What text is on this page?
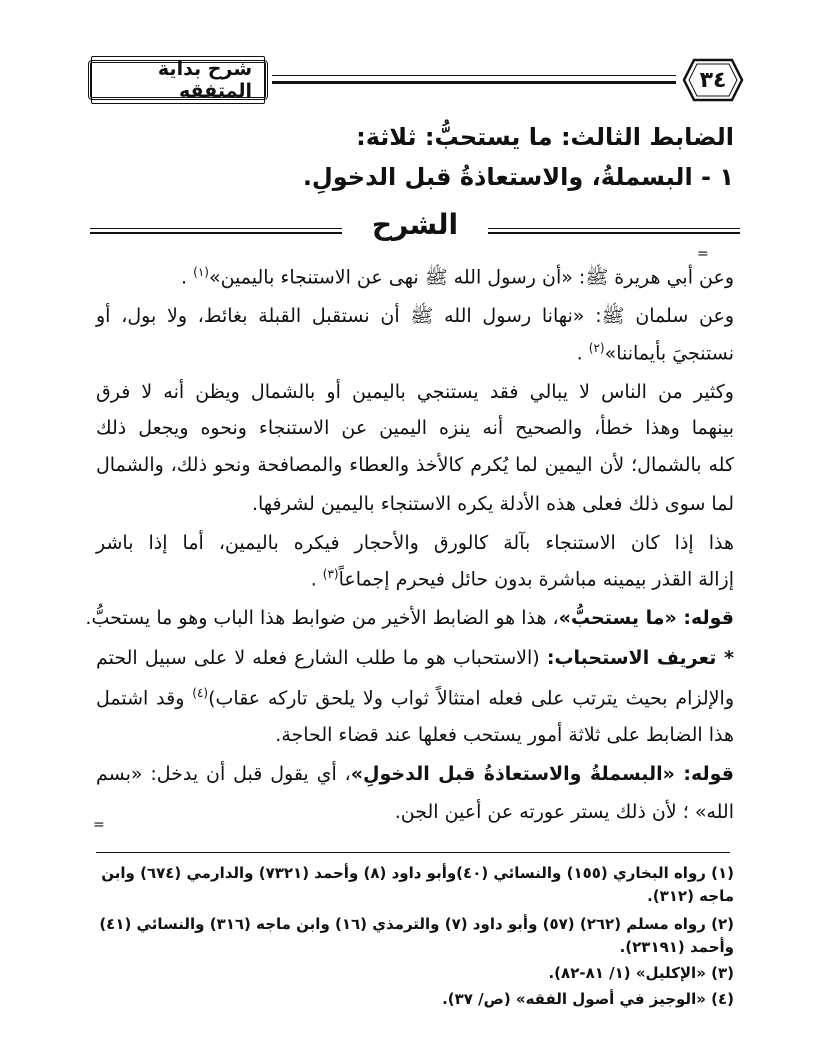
شرح بداية المتفقه	٣٤
الضابط الثالث: ما يستحبُّ: ثلاثة:
١ - البسملةُ، والاستعاذةُ قبل الدخولِ.
الشرح
=
وعن أبي هريرة ﷺ: «أن رسول الله ﷺ نهى عن الاستنجاء باليمين»$^{(١)}$ .
وعن سلمان ﷺ: «نهانا رسول الله ﷺ أن نستقبل القبلة بغائط، ولا بول، أو
نستنجيَ بأيماننا»$^{(٢)}$ .
وكثير من الناس لا يبالي فقد يستنجي باليمين أو بالشمال ويظن أنه لا فرق
بينهما وهذا خطأ، والصحيح أنه ينزه اليمين عن الاستنجاء ونحوه ويجعل ذلك
كله بالشمال؛ لأن اليمين لما يُكرم كالأخذ والعطاء والمصافحة ونحو ذلك، والشمال
لما سوى ذلك فعلى هذه الأدلة يكره الاستنجاء باليمين لشرفها.
هذا إذا كان الاستنجاء بآلة كالورق والأحجار فيكره باليمين، أما إذا باشر
إزالة القذر بيمينه مباشرة بدون حائل فيحرم إجماعاً$^{(٣)}$ .
قوله: «ما يستحبُّ»، هذا هو الضابط الأخير من ضوابط هذا الباب وهو ما يستحبُّ.
* تعريف الاستحباب: (الاستحباب هو ما طلب الشارع فعله لا على سبيل الحتم
والإلزام بحيث يترتب على فعله امتثالاً ثواب ولا يلحق تاركه عقاب)$^{(٤)}$ وقد اشتمل
هذا الضابط على ثلاثة أمور يستحب فعلها عند قضاء الحاجة.
قوله: «البسملةُ والاستعاذةُ قبل الدخولِ»، أي يقول قبل أن يدخل: «بسم
الله» ؛ لأن ذلك يستر عورته عن أعين الجن.
=
(١) رواه البخاري (١٥٥) والنسائي (٤٠)وأبو داود (٨) وأحمد (٧٣٢١) والدارمي (٦٧٤) وابن
ماجه (٣١٢).
(٢) رواه مسلم (٢٦٢) (٥٧) وأبو داود (٧) والترمذي (١٦) وابن ماجه (٣١٦) والنسائي (٤١)
وأحمد (٢٣١٩١).
(٣) «الإكليل» (١/ ٨١-٨٢).
(٤) «الوجيز في أصول الفقه» (ص/ ٣٧).
